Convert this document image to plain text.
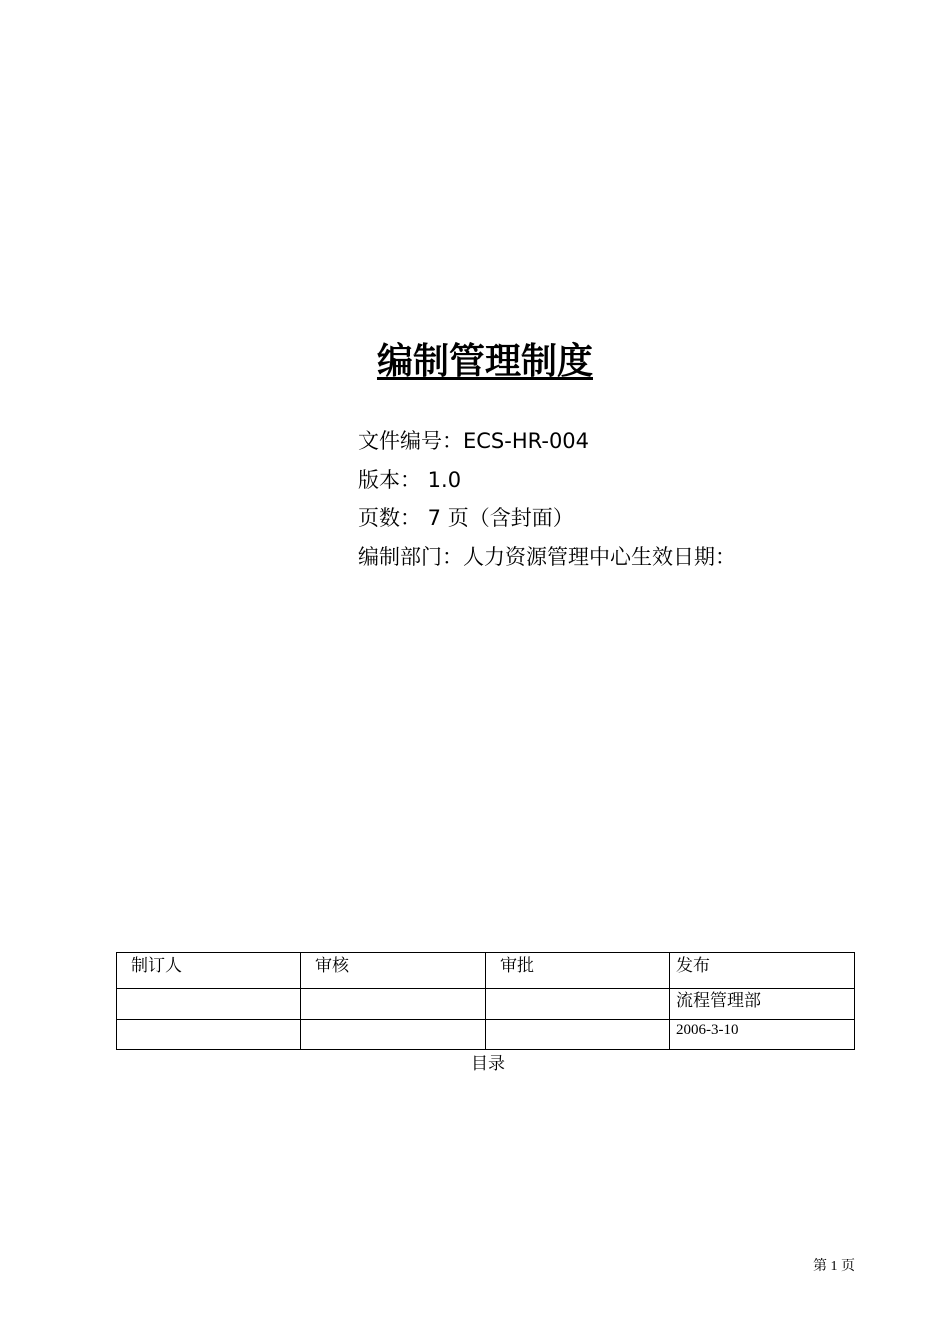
编制管理制度
文件编号：ECS-HR-004
版本： 1.0
页数： 7 页（含封面）
编制部门：人力资源管理中心生效日期：
制订人	审核	审批	发布
			流程管理部
			2006-3-10
目录
第 1 页
